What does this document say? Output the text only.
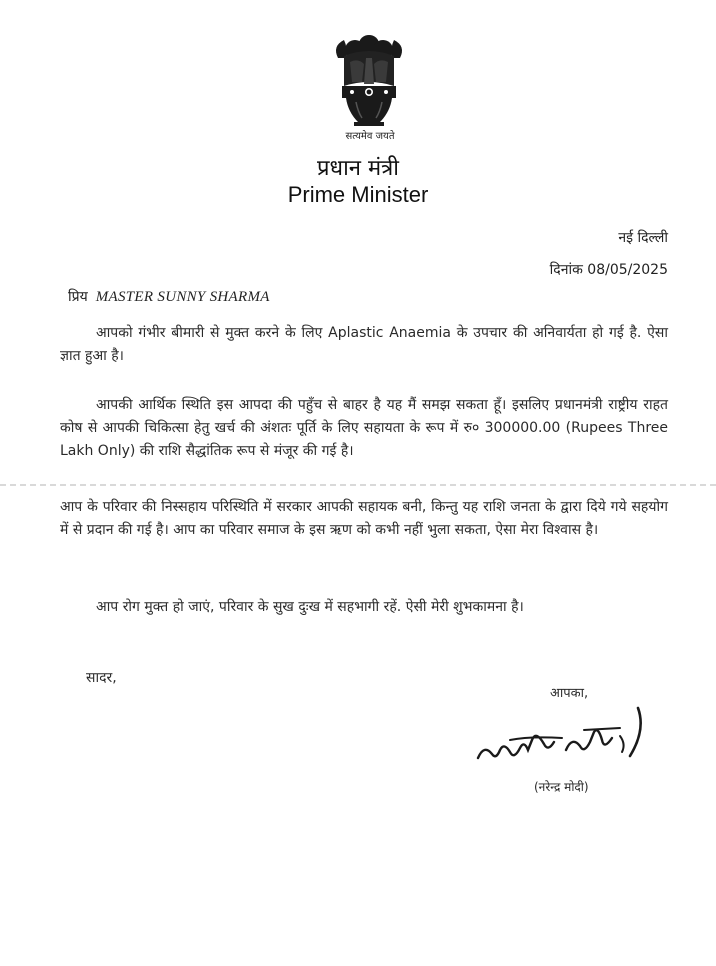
सत्यमेव जयते
प्रधान मंत्री
Prime Minister
नई दिल्ली
दिनांक 08/05/2025
प्रिय MASTER SUNNY SHARMA
आपको गंभीर बीमारी से मुक्त करने के लिए Aplastic Anaemia के उपचार की अनिवार्यता हो गई है. ऐसा ज्ञात हुआ है।
आपकी आर्थिक स्थिति इस आपदा की पहुँच से बाहर है यह मैं समझ सकता हूँ। इसलिए प्रधानमंत्री राष्ट्रीय राहत कोष से आपकी चिकित्सा हेतु खर्च की अंशतः पूर्ति के लिए सहायता के रूप में रु० 300000.00 (Rupees Three Lakh Only) की राशि सैद्धांतिक रूप से मंजूर की गई है।
आप के परिवार की निस्सहाय परिस्थिति में सरकार आपकी सहायक बनी, किन्तु यह राशि जनता के द्वारा दिये गये सहयोग में से प्रदान की गई है। आप का परिवार समाज के इस ऋण को कभी नहीं भुला सकता, ऐसा मेरा विश्वास है।
आप रोग मुक्त हो जाएं, परिवार के सुख दुःख में सहभागी रहें. ऐसी मेरी शुभकामना है।
सादर,
आपका,
(नरेन्द्र मोदी)
